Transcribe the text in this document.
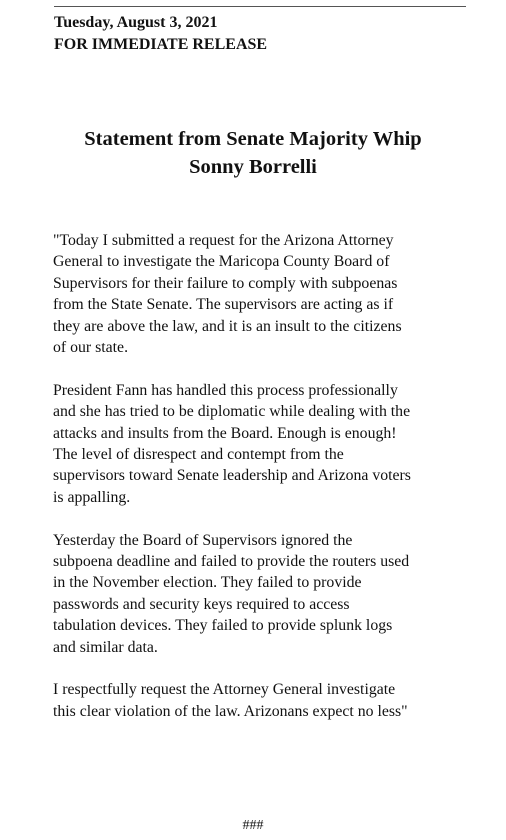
Tuesday, August 3, 2021
FOR IMMEDIATE RELEASE
Statement from Senate Majority Whip
Sonny Borrelli

"Today I submitted a request for the Arizona Attorney
General to investigate the Maricopa County Board of
Supervisors for their failure to comply with subpoenas
from the State Senate. The supervisors are acting as if
they are above the law, and it is an insult to the citizens
of our state.

President Fann has handled this process professionally
and she has tried to be diplomatic while dealing with the
attacks and insults from the Board. Enough is enough!
The level of disrespect and contempt from the
supervisors toward Senate leadership and Arizona voters
is appalling.

Yesterday the Board of Supervisors ignored the
subpoena deadline and failed to provide the routers used
in the November election. They failed to provide
passwords and security keys required to access
tabulation devices. They failed to provide splunk logs
and similar data.

I respectfully request the Attorney General investigate
this clear violation of the law. Arizonans expect no less"

###
